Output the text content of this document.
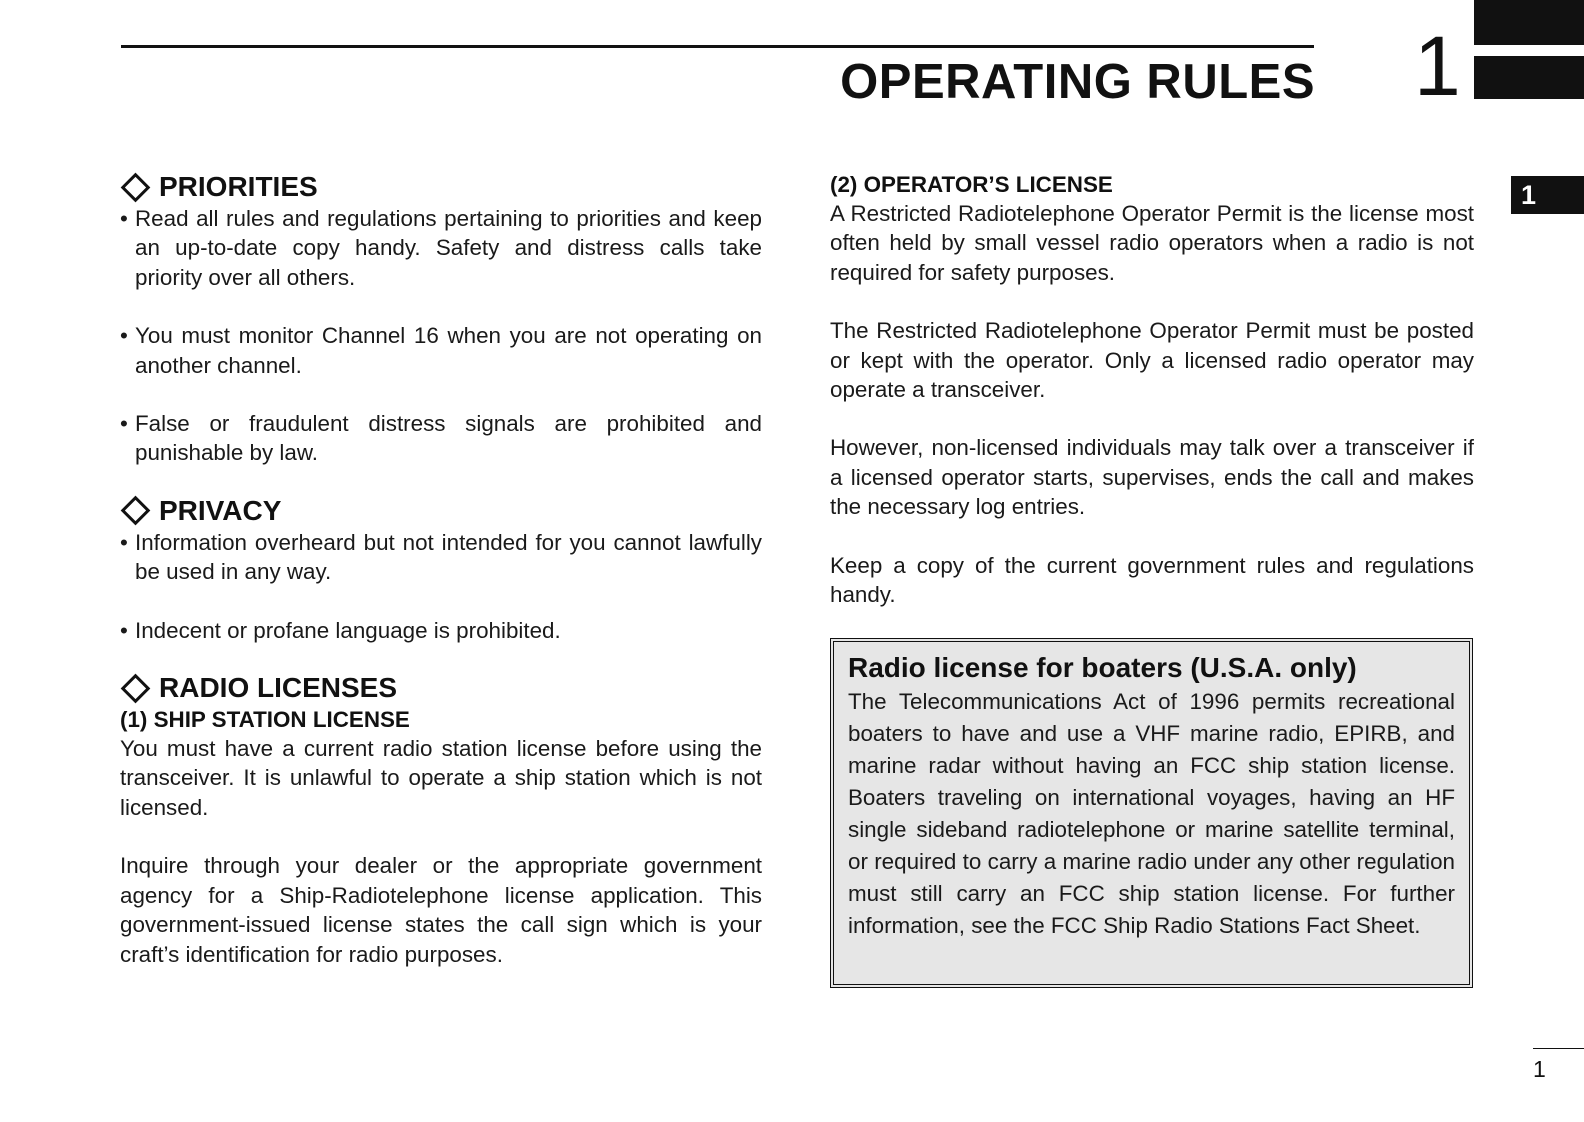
OPERATING RULES 1
1
PRIORITIES
• Read all rules and regulations pertaining to priorities and keep an up-to-date copy handy. Safety and distress calls take priority over all others.
• You must monitor Channel 16 when you are not operating on another channel.
• False or fraudulent distress signals are prohibited and punishable by law.
PRIVACY
• Information overheard but not intended for you cannot lawfully be used in any way.
• Indecent or profane language is prohibited.
RADIO LICENSES
(1) SHIP STATION LICENSE
You must have a current radio station license before using the transceiver. It is unlawful to operate a ship station which is not licensed.
Inquire through your dealer or the appropriate government agency for a Ship-Radiotelephone license application. This government-issued license states the call sign which is your craft’s identification for radio purposes.
(2) OPERATOR’S LICENSE
A Restricted Radiotelephone Operator Permit is the license most often held by small vessel radio operators when a radio is not required for safety purposes.
The Restricted Radiotelephone Operator Permit must be posted or kept with the operator. Only a licensed radio operator may operate a transceiver.
However, non-licensed individuals may talk over a transceiver if a licensed operator starts, supervises, ends the call and makes the necessary log entries.
Keep a copy of the current government rules and regulations handy.
Radio license for boaters (U.S.A. only)
The Telecommunications Act of 1996 permits recreational boaters to have and use a VHF marine radio, EPIRB, and marine radar without having an FCC ship station license. Boaters traveling on international voyages, having an HF single sideband radiotelephone or marine satellite terminal, or required to carry a marine radio under any other regulation must still carry an FCC ship station license. For further information, see the FCC Ship Radio Stations Fact Sheet.
1
